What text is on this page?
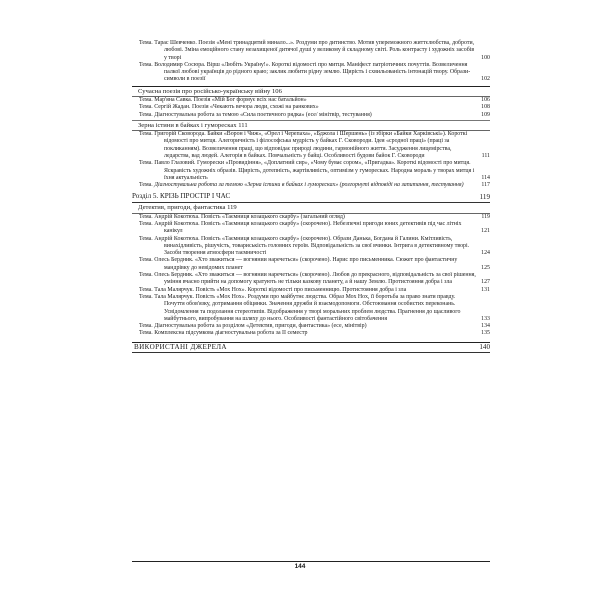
Тема. Тарас Шевченко. Поезія «Мені тринадцятий минало...». Роздуми про дитинство. Мотив упереможного життєлюбства, доброти, любові. Зміна емоційного стану незахищеної дитячої душі у великому й складному світі. Роль контрасту і художніх засобів у творі	100
Тема. Володимир Сосюра. Вірш «Любіть Україну!». Короткі відомості про митця. Маніфест патріотичних почуттів. Возвеличення палкої любові українців до рідного краю; заклик любити рідну землю. Щирість і схвильованість інтонацій твору. Образи-символи в поезії	102
Сучасна поезія про російсько-українську війну 106
Тема. Мар'яна Савка. Поезія «Мій Бог формує всіх нас батальйон»	106
Тема. Сергій Жадан. Поезія «Чекають вечора люди, схожі на ранкових»	108
Тема. Діагностувальна робота за темою «Сила поетичного рядка» (есе/ мінітвір, тестування)	109
Зерна істини в байках і гуморесках 111
Тема. Григорій Сковорода. Байки «Ворон і Чиж», «Орел і Черепаха», «Бджола і Шершень» (із збірки «Байки Харківські»). Короткі відомості про митця. Алегоричність і філософська мудрість у байках Г. Сковороди. Ідея «сродної праці» (праці за покликанням). Возвеличення праці, що відповідає природі людини, гармонійного життя. Засудження лицемірства, ледарства, вад людей. Алегорія в байках. Повчальність у байці. Особливості будови байок Г. Сковороди	111
Тема. Павло Глазовий. Гуморески «Провидіння», «Доплатний сир», «Чому буває сором», «Пригадка». Короткі відомості про митця. Яскравість художніх образів. Щирість, дотепність, жартівливість, оптимізм у гуморесках. Народна мораль у творах митця і їхня актуальність	114
Тема. Діагностувальна робота за темою «Зерна істини в байках і гуморесках» (розгорнуті відповіді на запитання, тестування)	117
Розділ 5. КРІЗЬ ПРОСТІР І ЧАС	119
Детектив, пригоди, фантастика 119
Тема. Андрій Кокотюха. Повість «Таємниця козацького скарбу» (загальний огляд)	119
Тема. Андрій Кокотюха. Повість «Таємниця козацького скарбу» (скорочено). Небезпечні пригоди юних детективів під час літніх канікул	121
Тема. Андрій Кокотюха. Повість «Таємниця козацького скарбу» (скорочено). Образи Данька, Богдана й Галини. Кмітливість, винахідливість, рішучість, товариськість головних героїв. Відповідальність за свої вчинки. Інтрига в детективному творі. Засоби творення атмосфери таємничості	124
Тема. Олесь Бердник. «Хто зважиться — вогнянии наречеться» (скорочено). Нарис про письменника. Сюжет про фантастичну мандрівку до невідомих планет	125
Тема. Олесь Бердник. «Хто зважиться — вогнянии наречеться» (скорочено). Любов до прекрасного, відповідальність за свої рішення, уміння вчасно прийти на допомогу кратують не тільки казкову планету, а й нашу Землю. Протистояння добра і зла	127
Тема. Тала Малярчук. Повість «Мох Нох». Короткі відомості про письменницю. Протистояння добра і зла	131
Тема. Тала Малярчук. Повість «Мох Нох». Роздуми про майбутнє людства. Образ Мох Нох, її боротьба за право знати правду. Почуття обов'язку, дотримання обіцянки. Значення дружби й взаємодопомоги. Обстоювання особистих переконань. Усвідомлення та подолання стереотипів. Відображення у творі моральних проблем людства. Прагнення до щасливого майбутнього, випробування на шляху до нього. Особливості фантастійного світобачення	133
Тема. Діагностувальна робота за розділом «Детектив, пригоди, фантастика» (есе, мінітвір)	134
Тема. Комплексна підсумкова діагностувальна робота за II семестр	135
ВИКОРИСТАНІ ДЖЕРЕЛА	140
144
